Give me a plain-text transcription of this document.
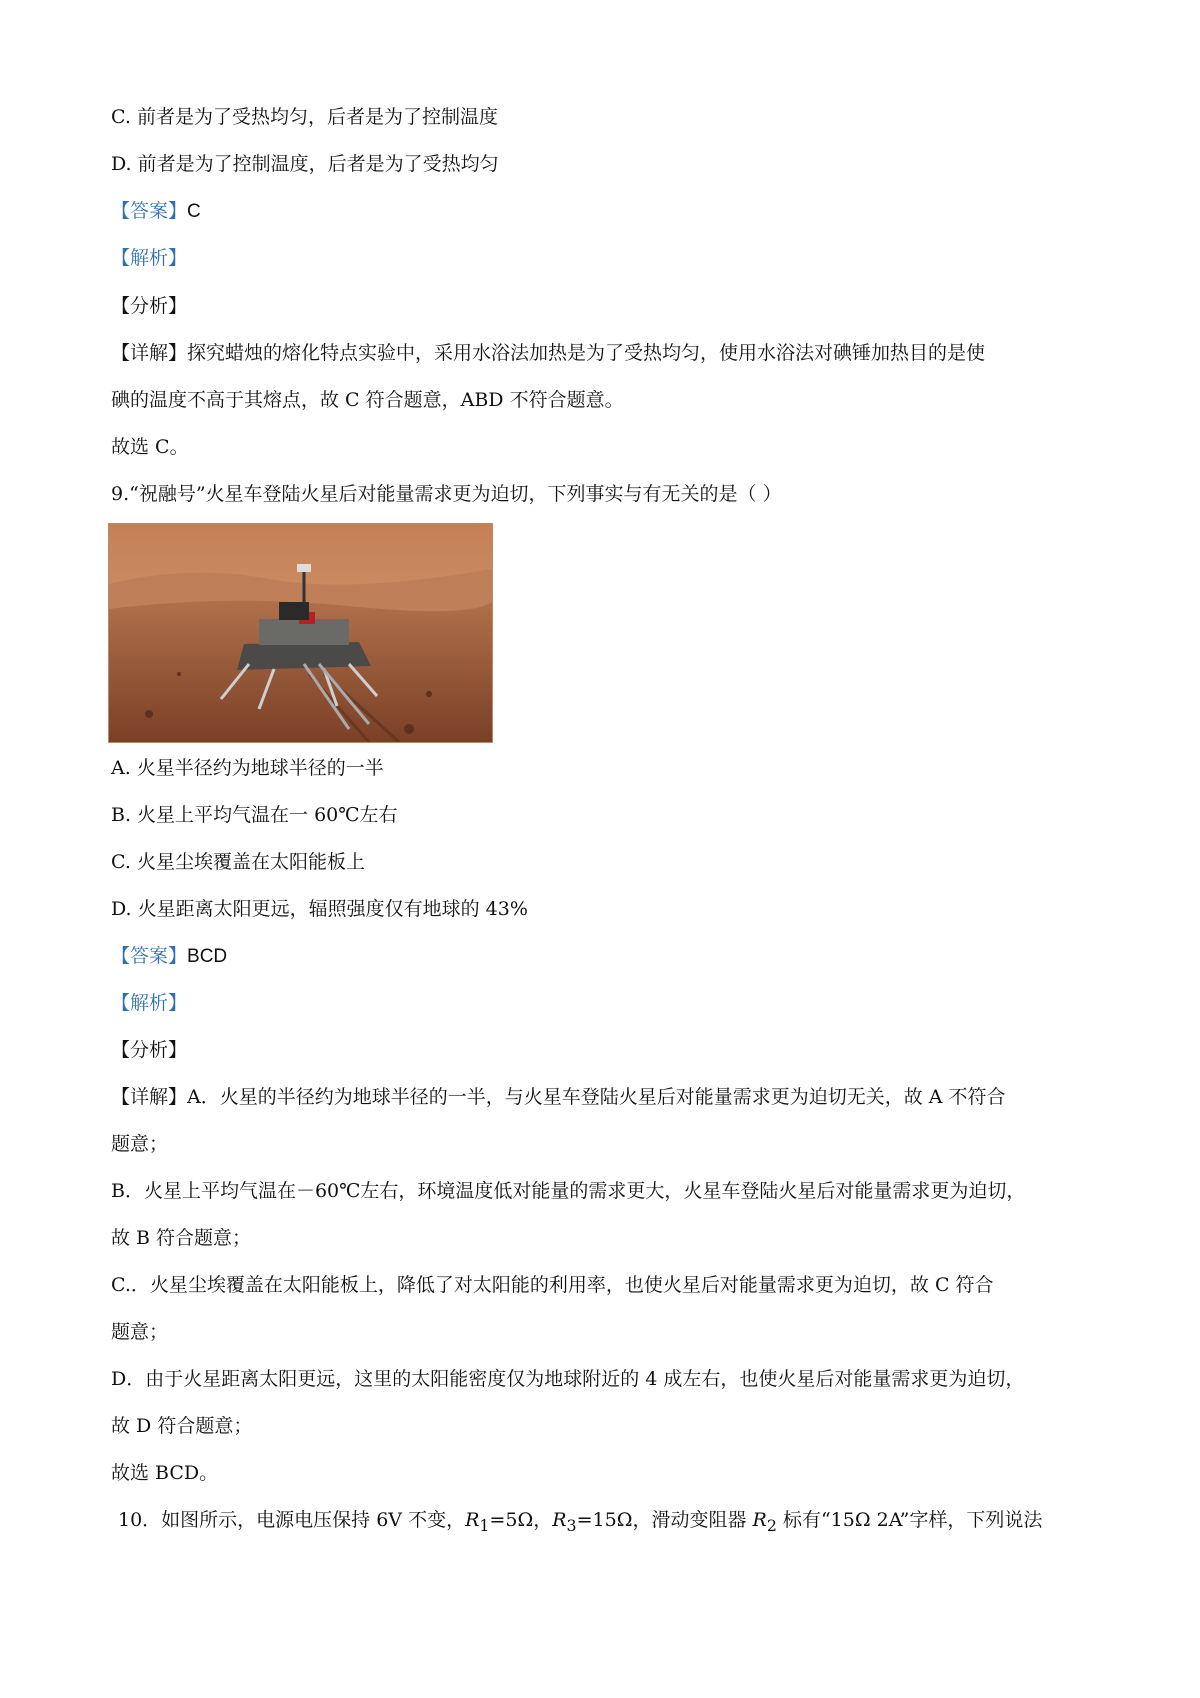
C. 前者是为了受热均匀，后者是为了控制温度
D. 前者是为了控制温度，后者是为了受热均匀
【答案】C
【解析】
【分析】
【详解】探究蜡烛的熔化特点实验中，采用水浴法加热是为了受热均匀，使用水浴法对碘锤加热目的是使
碘的温度不高于其熔点，故 C 符合题意，ABD 不符合题意。
故选 C。
9.“祝融号”火星车登陆火星后对能量需求更为迫切，下列事实与有无关的是（ ）
A. 火星半径约为地球半径的一半
B. 火星上平均气温在一 60℃左右
C. 火星尘埃覆盖在太阳能板上
D. 火星距离太阳更远，辐照强度仅有地球的 43%
【答案】BCD
【解析】
【分析】
【详解】A．火星的半径约为地球半径的一半，与火星车登陆火星后对能量需求更为迫切无关，故 A 不符合
题意；
B．火星上平均气温在－60℃左右，环境温度低对能量的需求更大，火星车登陆火星后对能量需求更为迫切，
故 B 符合题意；
C.．火星尘埃覆盖在太阳能板上，降低了对太阳能的利用率，也使火星后对能量需求更为迫切，故 C 符合
题意；
D．由于火星距离太阳更远，这里的太阳能密度仅为地球附近的 4 成左右，也使火星后对能量需求更为迫切，
故 D 符合题意；
故选 BCD。
10．如图所示，电源电压保持 6V 不变，$R_1=5\Omega$，$R_3=15\Omega$，滑动变阻器 $R_2$ 标有“15Ω 2A”字样，下列说法
